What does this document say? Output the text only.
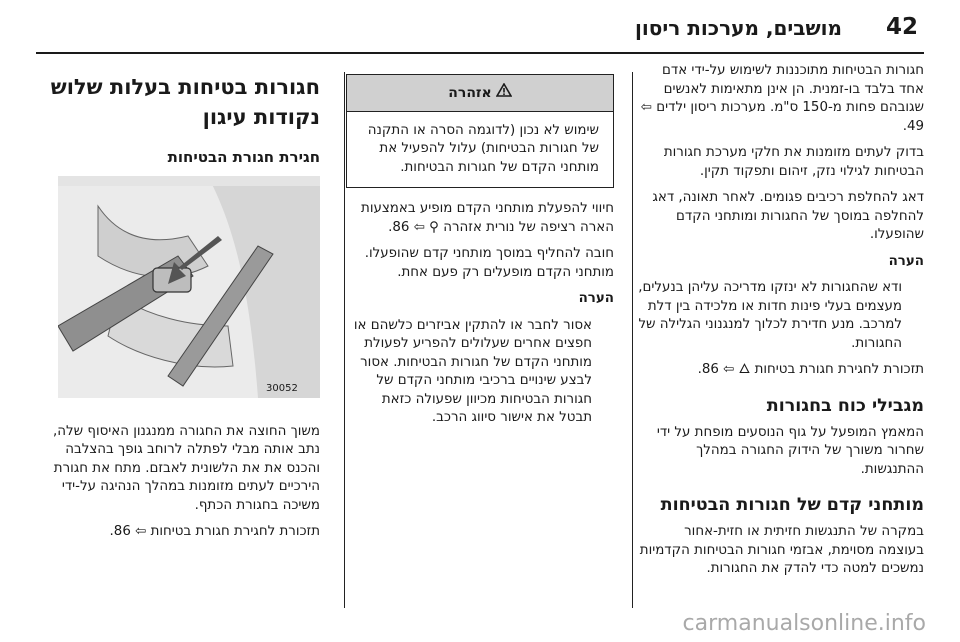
42
מושבים, מערכות ריסון

חגורות הבטיחות מתוכננות לשימוש על-ידי אדם אחד בלבד בו-זמנית. הן אינן מתאימות לאנשים שגובהם פחות מ-150 ס"מ. מערכות ריסון ילדים ⇦ 49.

בדוק לעתים מזומנות את חלקי מערכת חגורות הבטיחות לגילוי נזק, זיהום ותפקוד תקין.

דאג להחלפת רכיבים פגומים. לאחר תאונה, דאג להחלפה במוסך של החגורות ומותחני הקדם שהופעלו.

הערה

ודא שהחגורות לא ינזקו מדריכה עליהן בנעלים, מעצמים בעלי פינות חדות או מלכידה בין דלת למרכב. מנע חדירת לכלוך למנגנוני הגלילה של החגורות.

תזכורת לחגירת חגורת בטיחות 🜂 ⇦ 86.

מגבילי כוח בחגורות

המאמץ המופעל על גוף הנוסעים מופחת על ידי שחרור משורך של הידוק החגורה במהלך ההתנגשות.

מותחני קדם של חגורות הבטיחות

במקרה של התנגשות חזיתית או חזית-אחור בעוצמה מסוימת, אבזמי חגורות הבטיחות הקדמיות נמשכים למטה כדי להדק את החגורות.

אזהרה
שימוש לא נכון (לדוגמה הסרה או התקנה של חגורות הבטיחות) עלול להפעיל את מותחני הקדם של חגורות הבטיחות.

חיווי להפעלת מותחני הקדם מופיע באמצעות הארה רציפה של נורית אזהרה ⚲ ⇦ 86.

חובה להחליף במוסך מותחני קדם שהופעלו. מותחני הקדם מופעלים רק פעם אחת.

הערה

אסור לחבר או להתקין אביזרים כלשהם או חפצים אחרים שעלולים להפריע לפעולת מותחני הקדם של חגורות הבטיחות. אסור לבצע שינויים ברכיבי מותחני הקדם של חגורות הבטיחות מכיוון שפעולה כזאת תבטל את אישור סיווג הרכב.

חגורות בטיחות בעלות שלוש נקודות עיגון
חגירת חגורת הבטיחות
30052

משוך החוצה את החגורה ממנגנון האיסוף שלה, נתב אותה מבלי לפתלה לרוחב גופך בהצלבה והכנס את את הלשונית לאבזם. מתח את חגורת הירכיים לעתים מזומנות במהלך הנהיגה על-ידי משיכה בחגורת הכתף.

תזכורת לחגירת חגורת בטיחות ⇦ 86.

carmanualsonline.info
